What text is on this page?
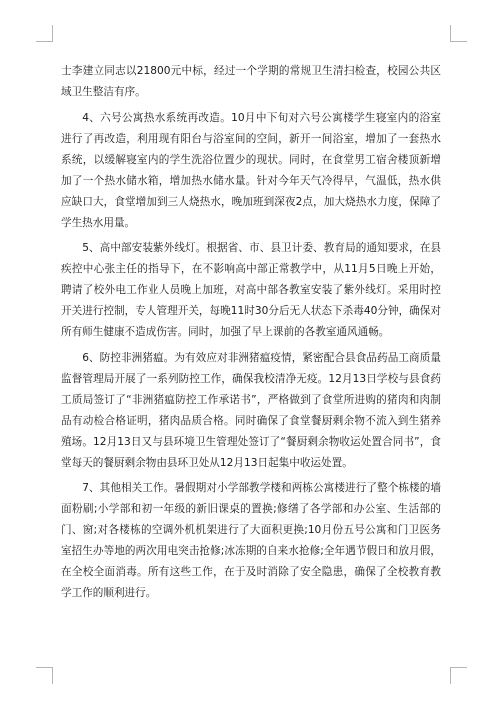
士李建立同志以21800元中标，经过一个学期的常规卫生清扫检查，校园公共区域卫生整洁有序。

4、六号公寓热水系统再改造。10月中下旬对六号公寓楼学生寝室内的浴室进行了再改造，利用现有阳台与浴室间的空间，新开一间浴室，增加了一套热水系统，以缓解寝室内的学生洗浴位置少的现状。同时，在食堂男工宿舍楼顶新增加了一个热水储水箱，增加热水储水量。针对今年天气冷得早，气温低，热水供应缺口大，食堂增加到三人烧热水，晚加班到深夜2点，加大烧热水力度，保障了学生热水用量。

5、高中部安装紫外线灯。根据省、市、县卫计委、教育局的通知要求，在县疾控中心张主任的指导下，在不影响高中部正常教学中，从11月5日晚上开始，聘请了校外电工作业人员晚上加班，对高中部各教室安装了紫外线灯。采用时控开关进行控制，专人管理开关，每晚11时30分后无人状态下杀毒40分钟，确保对所有师生健康不造成伤害。同时，加强了早上课前的各教室通风通畅。

6、防控非洲猪瘟。为有效应对非洲猪瘟疫情，紧密配合县食品药品工商质量监督管理局开展了一系列防控工作，确保我校清净无疫。12月13日学校与县食药工质局签订了“非洲猪瘟防控工作承诺书”，严格做到了食堂所进购的猪肉和肉制品有动检合格证明，猪肉品质合格。同时确保了食堂餐厨剩余物不流入到生猪养殖场。12月13日又与县环境卫生管理处签订了“餐厨剩余物收运处置合同书”，食堂每天的餐厨剩余物由县环卫处从12月13日起集中收运处置。

7、其他相关工作。暑假期对小学部教学楼和两栋公寓楼进行了整个栋楼的墙面粉刷;小学部和初一年级的新旧课桌的置换;修缮了各学部和办公室、生活部的门、窗;对各楼栋的空调外机机架进行了大面积更换;10月份五号公寓和门卫医务室招生办等地的两次用电突击抢修;冰冻期的自来水抢修;全年遇节假日和放月假，在全校全面消毒。所有这些工作，在于及时消除了安全隐患，确保了全校教育教学工作的顺利进行。
